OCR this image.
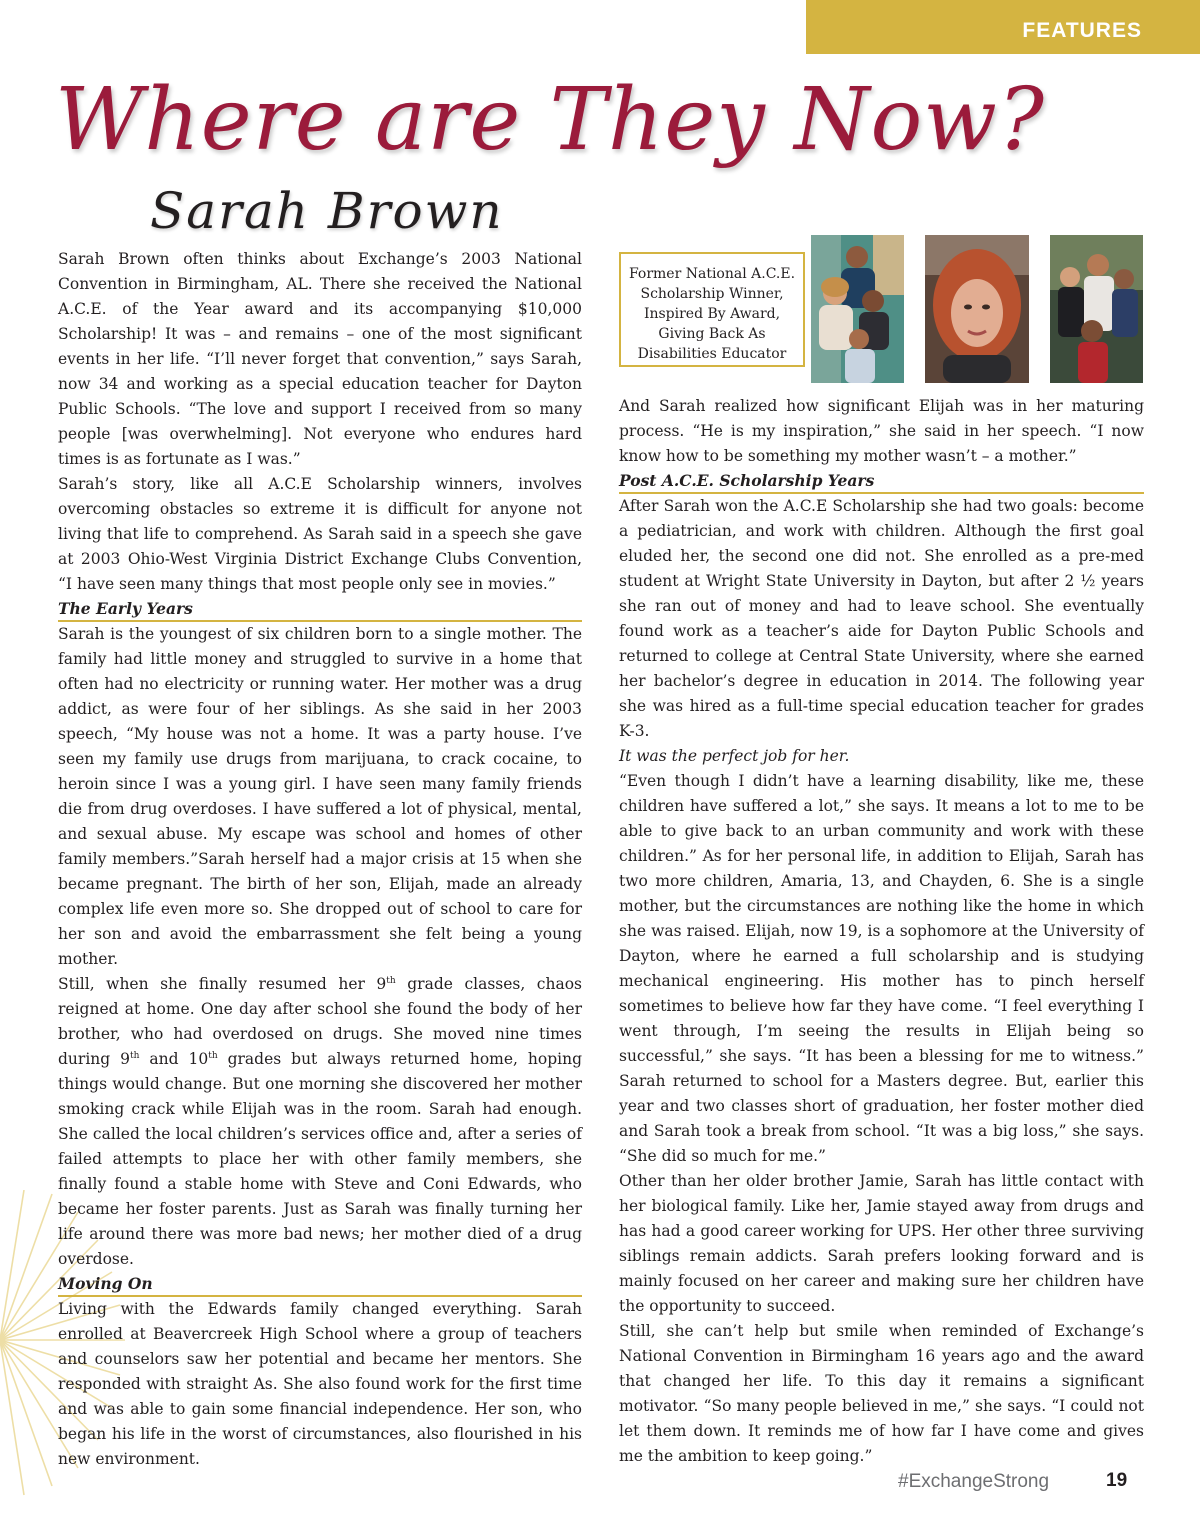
FEATURES
Where are They Now?
Sarah Brown
Former National A.C.E.
Scholarship Winner,
Inspired By Award,
Giving Back As
Disabilities Educator

Sarah Brown often thinks about Exchange’s 2003 National Convention in Birmingham, AL. There she received the National A.C.E. of the Year award and its accompanying $10,000 Scholarship! It was – and remains – one of the most significant events in her life. “I’ll never forget that convention,” says Sarah, now 34 and working as a special education teacher for Dayton Public Schools. “The love and support I received from so many people [was overwhelming]. Not everyone who endures hard times is as fortunate as I was.”

Sarah’s story, like all A.C.E Scholarship winners, involves overcoming obstacles so extreme it is difficult for anyone not living that life to comprehend. As Sarah said in a speech she gave at 2003 Ohio-West Virginia District Exchange Clubs Convention, “I have seen many things that most people only see in movies.”

The Early Years

Sarah is the youngest of six children born to a single mother. The family had little money and struggled to survive in a home that often had no electricity or running water. Her mother was a drug addict, as were four of her siblings. As she said in her 2003 speech, “My house was not a home. It was a party house. I’ve seen my family use drugs from marijuana, to crack cocaine, to heroin since I was a young girl. I have seen many family friends die from drug overdoses. I have suffered a lot of physical, mental, and sexual abuse. My escape was school and homes of other family members.”Sarah herself had a major crisis at 15 when she became pregnant. The birth of her son, Elijah, made an already complex life even more so. She dropped out of school to care for her son and avoid the embarrassment she felt being a young mother.

Still, when she finally resumed her 9th grade classes, chaos reigned at home. One day after school she found the body of her brother, who had overdosed on drugs. She moved nine times during 9th and 10th grades but always returned home, hoping things would change. But one morning she discovered her mother smoking crack while Elijah was in the room. Sarah had enough. She called the local children’s services office and, after a series of failed attempts to place her with other family members, she finally found a stable home with Steve and Coni Edwards, who became her foster parents. Just as Sarah was finally turning her life around there was more bad news; her mother died of a drug overdose.

Moving On

Living with the Edwards family changed everything. Sarah enrolled at Beavercreek High School where a group of teachers and counselors saw her potential and became her mentors. She responded with straight As. She also found work for the first time and was able to gain some financial independence. Her son, who began his life in the worst of circumstances, also flourished in his new environment.

And Sarah realized how significant Elijah was in her maturing process. “He is my inspiration,” she said in her speech. “I now know how to be something my mother wasn’t – a mother.”

Post A.C.E. Scholarship Years

After Sarah won the A.C.E Scholarship she had two goals: become a pediatrician, and work with children. Although the first goal eluded her, the second one did not. She enrolled as a pre-med student at Wright State University in Dayton, but after 2 ½ years she ran out of money and had to leave school. She eventually found work as a teacher’s aide for Dayton Public Schools and returned to college at Central State University, where she earned her bachelor’s degree in education in 2014. The following year she was hired as a full-time special education teacher for grades K-3.

It was the perfect job for her.

“Even though I didn’t have a learning disability, like me, these children have suffered a lot,” she says. It means a lot to me to be able to give back to an urban community and work with these children.” As for her personal life, in addition to Elijah, Sarah has two more children, Amaria, 13, and Chayden, 6. She is a single mother, but the circumstances are nothing like the home in which she was raised. Elijah, now 19, is a sophomore at the University of Dayton, where he earned a full scholarship and is studying mechanical engineering. His mother has to pinch herself sometimes to believe how far they have come. “I feel everything I went through, I’m seeing the results in Elijah being so successful,” she says. “It has been a blessing for me to witness.” Sarah returned to school for a Masters degree. But, earlier this year and two classes short of graduation, her foster mother died and Sarah took a break from school. “It was a big loss,” she says. “She did so much for me.”

Other than her older brother Jamie, Sarah has little contact with her biological family. Like her, Jamie stayed away from drugs and has had a good career working for UPS. Her other three surviving siblings remain addicts. Sarah prefers looking forward and is mainly focused on her career and making sure her children have the opportunity to succeed.

Still, she can’t help but smile when reminded of Exchange’s National Convention in Birmingham 16 years ago and the award that changed her life. To this day it remains a significant motivator. “So many people believed in me,” she says. “I could not let them down. It reminds me of how far I have come and gives me the ambition to keep going.”

#ExchangeStrong	19
